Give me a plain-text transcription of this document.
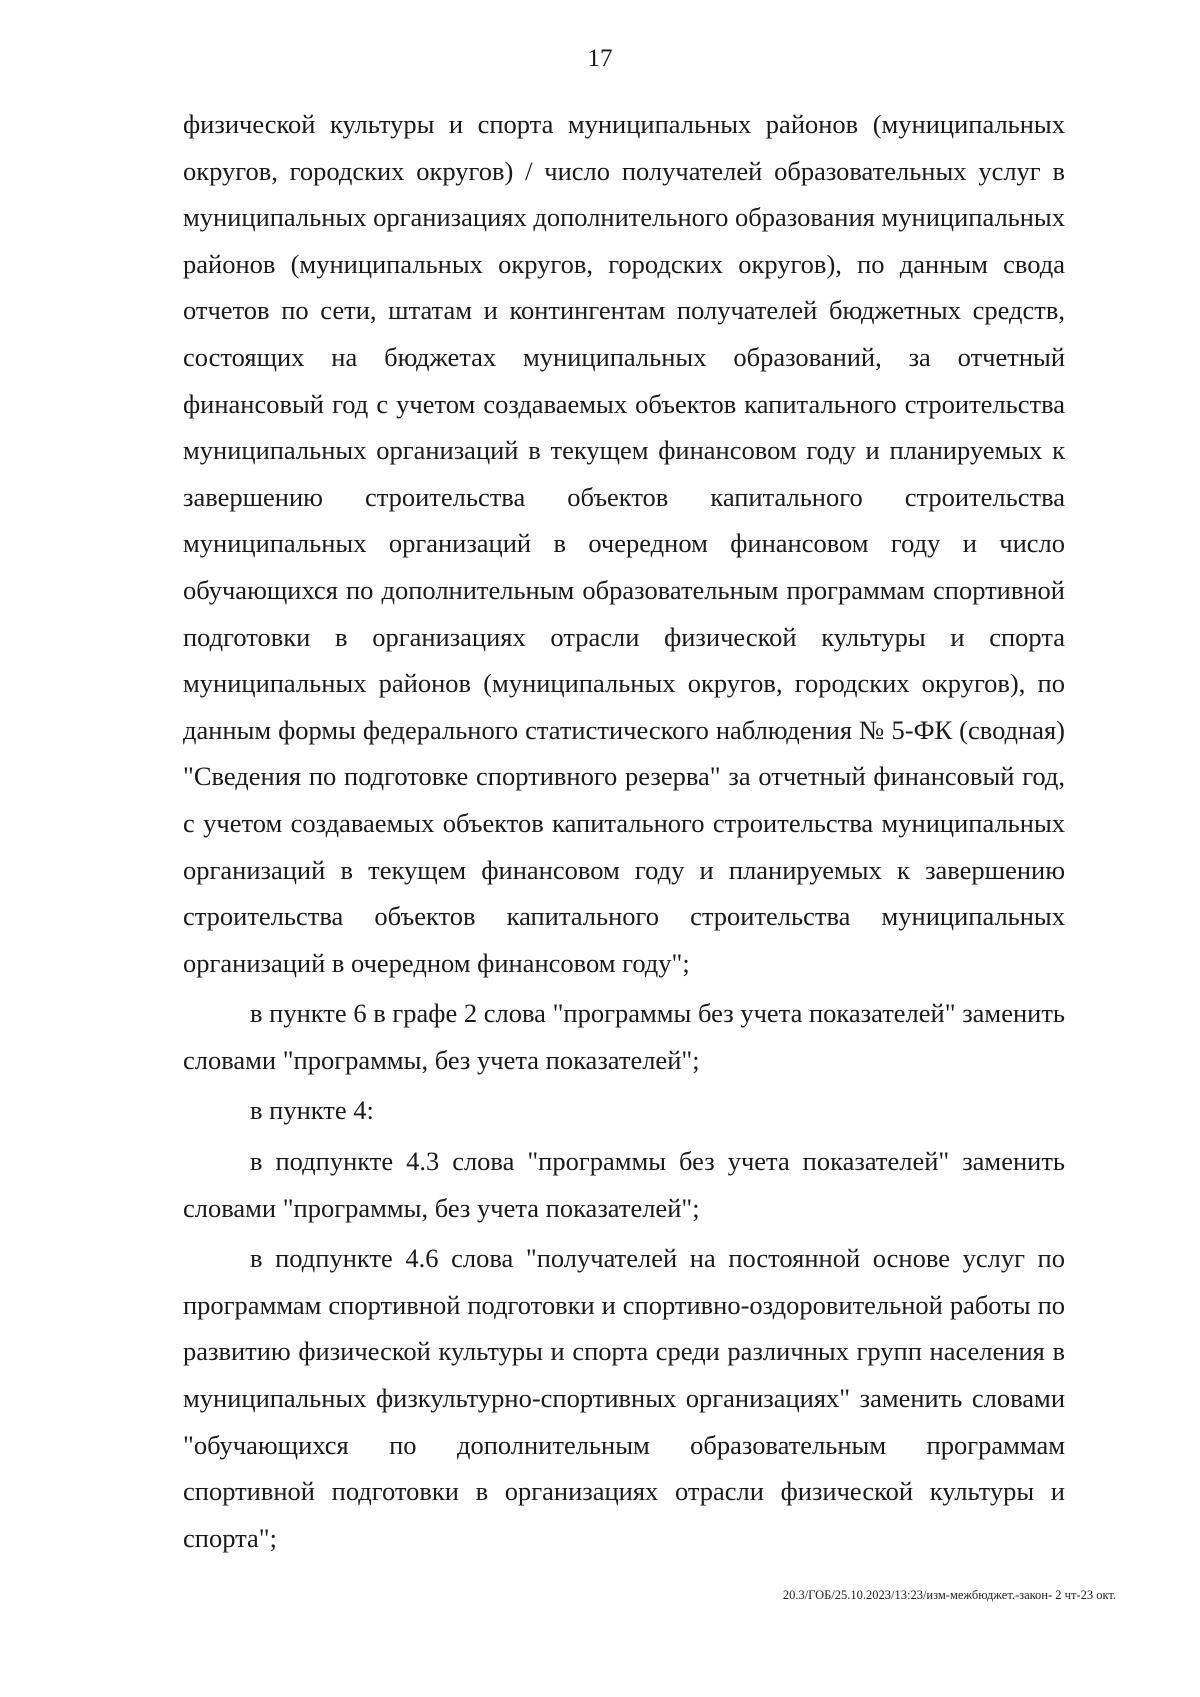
17

физической культуры и спорта муниципальных районов (муниципальных округов, городских округов) / число получателей образовательных услуг в муниципальных организациях дополнительного образования муниципальных районов (муниципальных округов, городских округов), по данным свода отчетов по сети, штатам и контингентам получателей бюджетных средств, состоящих на бюджетах муниципальных образований, за отчетный финансовый год с учетом создаваемых объектов капитального строительства муниципальных организаций в текущем финансовом году и планируемых к завершению строительства объектов капитального строительства муниципальных организаций в очередном финансовом году и число обучающихся по дополнительным образовательным программам спортивной подготовки в организациях отрасли физической культуры и спорта муниципальных районов (муниципальных округов, городских округов), по данным формы федерального статистического наблюдения № 5-ФК (сводная) "Сведения по подготовке спортивного резерва" за отчетный финансовый год, с учетом создаваемых объектов капитального строительства муниципальных организаций в текущем финансовом году и планируемых к завершению строительства объектов капитального строительства муниципальных организаций в очередном финансовом году";

в пункте 6 в графе 2 слова "программы без учета показателей" заменить словами "программы, без учета показателей";

в пункте 4:

в подпункте 4.3 слова "программы без учета показателей" заменить словами "программы, без учета показателей";

в подпункте 4.6 слова "получателей на постоянной основе услуг по программам спортивной подготовки и спортивно-оздоровительной работы по развитию физической культуры и спорта среди различных групп населения в муниципальных физкультурно-спортивных организациях" заменить словами "обучающихся по дополнительным образовательным программам спортивной подготовки в организациях отрасли физической культуры и спорта";

20.3/ГОБ/25.10.2023/13:23/изм-межбюджет.-закон- 2 чт-23 окт.
